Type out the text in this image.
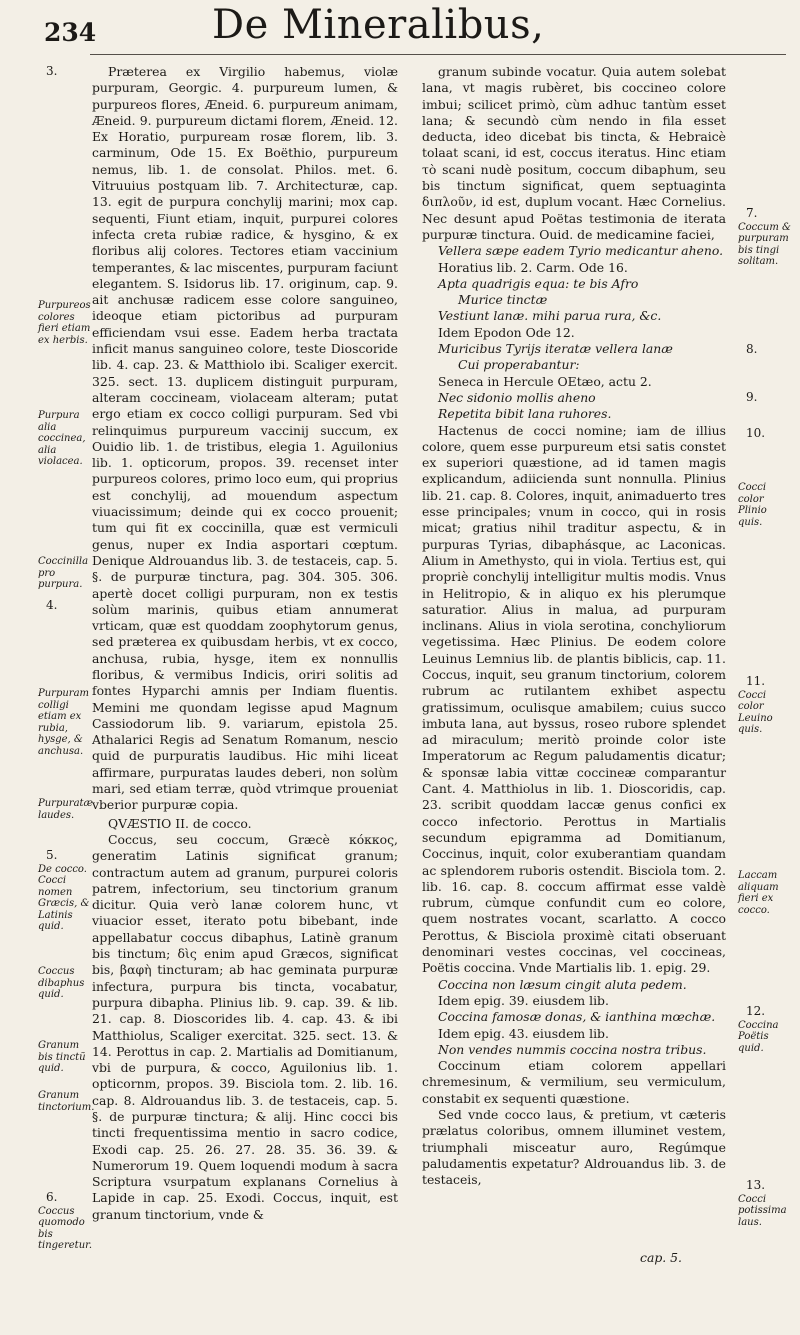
234	De Mineralibus,

Præterea ex Virgilio habemus, violæ purpuram, Georgic. 4. purpureum lumen, & purpureos flores, Æneid. 6. purpureum animam, Æneid. 9. purpureum dictami florem, Æneid. 12. Ex Horatio, purpuream rosæ florem, lib. 3. carminum, Ode 15. Ex Boëthio, purpureum nemus, lib. 1. de consolat. Philos. met. 6. Vitruuius postquam lib. 7. Architecturæ, cap. 13. egit de purpura conchylij marini; mox cap. sequenti, Fiunt etiam, inquit, purpurei colores infecta creta rubiæ radice, & hysgino, & ex floribus alij colores. Tectores etiam vaccinium temperantes, & lac miscentes, purpuram faciunt elegantem. S. Isidorus lib. 17. originum, cap. 9. ait anchusæ radicem esse colore sanguineo, ideoque etiam pictoribus ad purpuram efficiendam vsui esse. Eadem herba tractata inficit manus sanguineo colore, teste Dioscoride lib. 4. cap. 23. & Matthiolo ibi. Scaliger exercit. 325. sect. 13. duplicem distinguit purpuram, alteram coccineam, violaceam alteram; putat ergo etiam ex cocco colligi purpuram. Sed vbi relinquimus purpureum vaccinij succum, ex Ouidio lib. 1. de tristibus, elegia 1. Aguilonius lib. 1. opticorum, propos. 39. recenset inter purpureos colores, primo loco eum, qui proprius est conchylij, ad mouendum aspectum viuacissimum; deinde qui ex cocco prouenit; tum qui fit ex coccinilla, quæ est vermiculi genus, nuper ex India asportari cœptum. Denique Aldrouandus lib. 3. de testaceis, cap. 5. §. de purpuræ tinctura, pag. 304. 305. 306. apertè docet colligi purpuram, non ex testis solùm marinis, quibus etiam annumerat vrticam, quæ est quoddam zoophytorum genus, sed præterea ex quibusdam herbis, vt ex cocco, anchusa, rubia, hysge, item ex nonnullis floribus, & vermibus Indicis, oriri solitis ad fontes Hyparchi amnis per Indiam fluentis. Memini me quondam legisse apud Magnum Cassiodorum lib. 9. variarum, epistola 25. Athalarici Regis ad Senatum Romanum, nescio quid de purpuratis laudibus. Hic mihi liceat affirmare, purpuratas laudes deberi, non solùm mari, sed etiam terræ, quòd vtrimque proueniat vberior purpuræ copia.

QVÆSTIO II. de cocco.

Coccus, seu coccum, Græcè κόκκος, generatim Latinis significat granum; contractum autem ad granum, purpurei coloris patrem, infectorium, seu tinctorium granum dicitur. Quia verò lanæ colorem hunc, vt viuacior esset, iterato potu bibebant, inde appellabatur coccus dibaphus, Latinè granum bis tinctum; δὶς enim apud Græcos, significat bis, βαφὴ tincturam; ab hac geminata purpuræ infectura, purpura bis tincta, vocabatur, purpura dibapha. Plinius lib. 9. cap. 39. & lib. 21. cap. 8. Dioscorides lib. 4. cap. 43. & ibi Matthiolus, Scaliger exercitat. 325. sect. 13. & 14. Perottus in cap. 2. Martialis ad Domitianum, vbi de purpura, & cocco, Aguilonius lib. 1. opticornm, propos. 39. Bisciola tom. 2. lib. 16. cap. 8. Aldrouandus lib. 3. de testaceis, cap. 5. §. de purpuræ tinctura; & alij. Hinc cocci bis tincti frequentissima mentio in sacro codice, Exodi cap. 25. 26. 27. 28. 35. 36. 39. & Numerorum 19. Quem loquendi modum à sacra Scriptura vsurpatum explanans Cornelius à Lapide in cap. 25. Exodi. Coccus, inquit, est granum tinctorium, vnde &

granum subinde vocatur. Quia autem solebat lana, vt magis rubèret, bis coccineo colore imbui; scilicet primò, cùm adhuc tantùm esset lana; & secundò cùm nendo in fila esset deducta, ideo dicebat bis tincta, & Hebraicè tolaat scani, id est, coccus iteratus. Hinc etiam τὸ scani nudè positum, coccum dibaphum, seu bis tinctum significat, quem septuaginta διπλοῦν, id est, duplum vocant. Hæc Cornelius. Nec desunt apud Poëtas testimonia de iterata purpuræ tinctura. Ouid. de medicamine faciei,

Vellera sæpe eadem Tyrio medicantur aheno.

Horatius lib. 2. Carm. Ode 16.

Apta quadrigis equa: te bis Afro
Murice tinctæ
Vestiunt lanæ. mihi parua rura, &c.

Idem Epodon Ode 12.

Muricibus Tyrijs iteratæ vellera lanæ
Cui properabantur:

Seneca in Hercule OEtæo, actu 2.

Nec sidonio mollis aheno
Repetita bibit lana ruhores.

Hactenus de cocci nomine; iam de illius colore, quem esse purpureum etsi satis constet ex superiori quæstione, ad id tamen magis explicandum, adiicienda sunt nonnulla. Plinius lib. 21. cap. 8. Colores, inquit, animaduerto tres esse principales; vnum in cocco, qui in rosis micat; gratius nihil traditur aspectu, & in purpuras Tyrias, dibaphásque, ac Laconicas. Alium in Amethysto, qui in viola. Tertius est, qui propriè conchylij intelligitur multis modis. Vnus in Helitropio, & in aliquo ex his plerumque saturatior. Alius in malua, ad purpuram inclinans. Alius in viola serotina, conchyliorum vegetissima. Hæc Plinius. De eodem colore Leuinus Lemnius lib. de plantis biblicis, cap. 11. Coccus, inquit, seu granum tinctorium, colorem rubrum ac rutilantem exhibet aspectu gratissimum, oculisque amabilem; cuius succo imbuta lana, aut byssus, roseo rubore splendet ad miraculum; meritò proinde color iste Imperatorum ac Regum paludamentis dicatur; & sponsæ labia vittæ coccineæ comparantur Cant. 4. Matthiolus in lib. 1. Dioscoridis, cap. 23. scribit quoddam laccæ genus confici ex cocco infectorio. Perottus in Martialis secundum epigramma ad Domitianum, Coccinus, inquit, color exuberantiam quandam ac splendorem ruboris ostendit. Bisciola tom. 2. lib. 16. cap. 8. coccum affirmat esse valdè rubrum, cùmque confundit cum eo colore, quem nostrates vocant, scarlatto. A cocco Perottus, & Bisciola proximè citati obseruant denominari vestes coccinas, vel coccineas, Poëtis coccina. Vnde Martialis lib. 1. epig. 29.

Coccina non læsum cingit aluta pedem.

Idem epig. 39. eiusdem lib.

Coccina famosæ donas, & ianthina mœchæ.

Idem epig. 43. eiusdem lib.

Non vendes nummis coccina nostra tribus.

Coccinum etiam colorem appellari chremesinum, & vermilium, seu vermiculum, constabit ex sequenti quæstione.

Sed vnde cocco laus, & pretium, vt cæteris prælatus coloribus, omnem illuminet vestem, triumphali misceatur auro, Regúmque paludamentis expetatur? Aldrouandus lib. 3. de testaceis,

cap. 5.
3.
Purpureos colores fieri etiam ex herbis.
Purpura alia coccinea, alia violacea.
Coccinilla pro purpura.
4.
Purpuram colligi etiam ex rubia, hysge, & anchusa.
Purpuratæ laudes.
5.
De cocco. Cocci nomen Græcis, & Latinis quid.
Coccus dibaphus quid.
Granum bis tinctũ quid.
Granum tinctorium.
6.
Coccus quomodo bis tingeretur.
7.
Coccum & purpuram bis tingi solitam.
8.
9.
10.
Cocci color Plinio quis.
11.
Cocci color Leuino quis.
Laccam aliquam fieri ex cocco.
12.
Coccina Poëtis quid.
13.
Cocci potissima laus.
